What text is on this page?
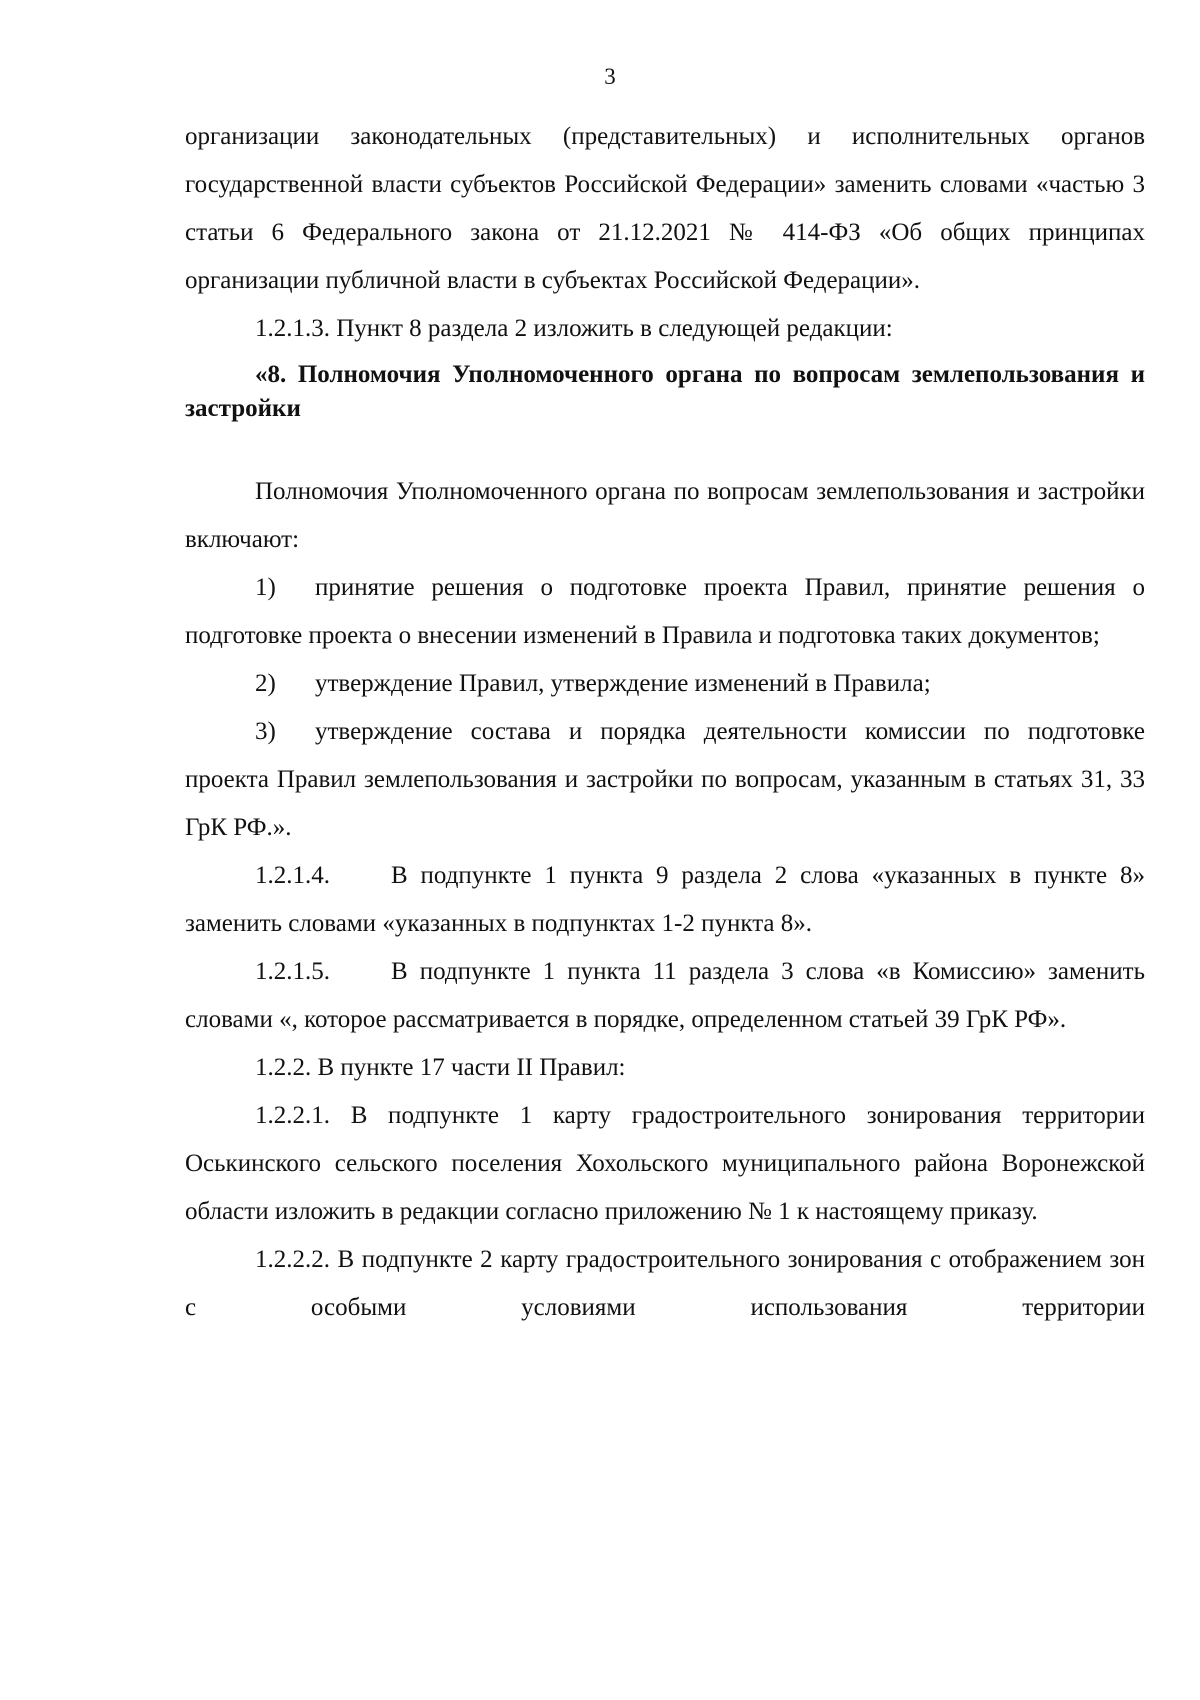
3

организации законодательных (представительных) и исполнительных органов государственной власти субъектов Российской Федерации» заменить словами «частью 3 статьи 6 Федерального закона от 21.12.2021 № 414-ФЗ «Об общих принципах организации публичной власти в субъектах Российской Федерации».

1.2.1.3. Пункт 8 раздела 2 изложить в следующей редакции:

«8. Полномочия Уполномоченного органа по вопросам землепользования и застройки

Полномочия Уполномоченного органа по вопросам землепользования и застройки включают:

1) принятие решения о подготовке проекта Правил, принятие решения о подготовке проекта о внесении изменений в Правила и подготовка таких документов;

2) утверждение Правил, утверждение изменений в Правила;

3) утверждение состава и порядка деятельности комиссии по подготовке проекта Правил землепользования и застройки по вопросам, указанным в статьях 31, 33 ГрК РФ.».

1.2.1.4. В подпункте 1 пункта 9 раздела 2 слова «указанных в пункте 8» заменить словами «указанных в подпунктах 1-2 пункта 8».

1.2.1.5. В подпункте 1 пункта 11 раздела 3 слова «в Комиссию» заменить словами «, которое рассматривается в порядке, определенном статьей 39 ГрК РФ».

1.2.2. В пункте 17 части II Правил:

1.2.2.1. В подпункте 1 карту градостроительного зонирования территории Оськинского сельского поселения Хохольского муниципального района Воронежской области изложить в редакции согласно приложению № 1 к настоящему приказу.

1.2.2.2. В подпункте 2 карту градостроительного зонирования с отображением зон с особыми условиями использования территории
